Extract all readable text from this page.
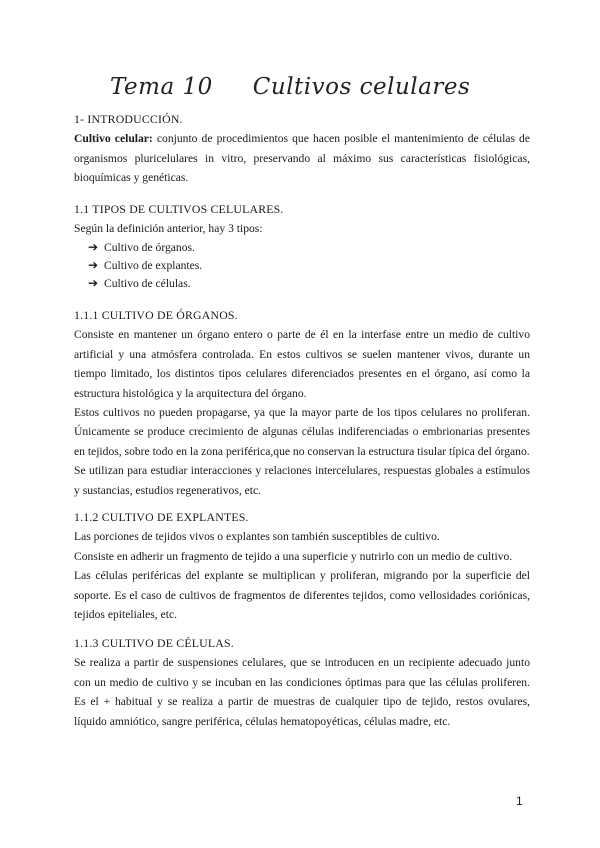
Tema 10 Cultivos celulares

1- INTRODUCCIÓN.

Cultivo celular: conjunto de procedimientos que hacen posible el mantenimiento de células de organismos pluricelulares in vitro, preservando al máximo sus características fisiológicas, bioquímicas y genéticas.

1.1 TIPOS DE CULTIVOS CELULARES.

Según la definición anterior, hay 3 tipos:

➔ Cultivo de órganos.
➔ Cultivo de explantes.
➔ Cultivo de células.

1.1.1 CULTIVO DE ÓRGANOS.

Consiste en mantener un órgano entero o parte de él en la interfase entre un medio de cultivo artificial y una atmósfera controlada. En estos cultivos se suelen mantener vivos, durante un tiempo limitado, los distintos tipos celulares diferenciados presentes en el órgano, así como la estructura histológica y la arquitectura del órgano.

Estos cultivos no pueden propagarse, ya que la mayor parte de los tipos celulares no proliferan. Únicamente se produce crecimiento de algunas células indiferenciadas o embrionarias presentes en tejidos, sobre todo en la zona periférica,que no conservan la estructura tisular típica del órgano.

Se utilizan para estudiar interacciones y relaciones intercelulares, respuestas globales a estímulos y sustancias, estudios regenerativos, etc.

1.1.2 CULTIVO DE EXPLANTES.

Las porciones de tejidos vivos o explantes son también susceptibles de cultivo.

Consiste en adherir un fragmento de tejido a una superficie y nutrirlo con un medio de cultivo.

Las células periféricas del explante se multiplican y proliferan, migrando por la superficie del soporte. Es el caso de cultivos de fragmentos de diferentes tejidos, como vellosidades coriónicas, tejidos epiteliales, etc.

1.1.3 CULTIVO DE CÉLULAS.

Se realiza a partir de suspensiones celulares, que se introducen en un recipiente adecuado junto con un medio de cultivo y se incuban en las condiciones óptimas para que las células proliferen. Es el + habitual y se realiza a partir de muestras de cualquier tipo de tejido, restos ovulares, líquido amniótico, sangre periférica, células hematopoyéticas, células madre, etc.

1
